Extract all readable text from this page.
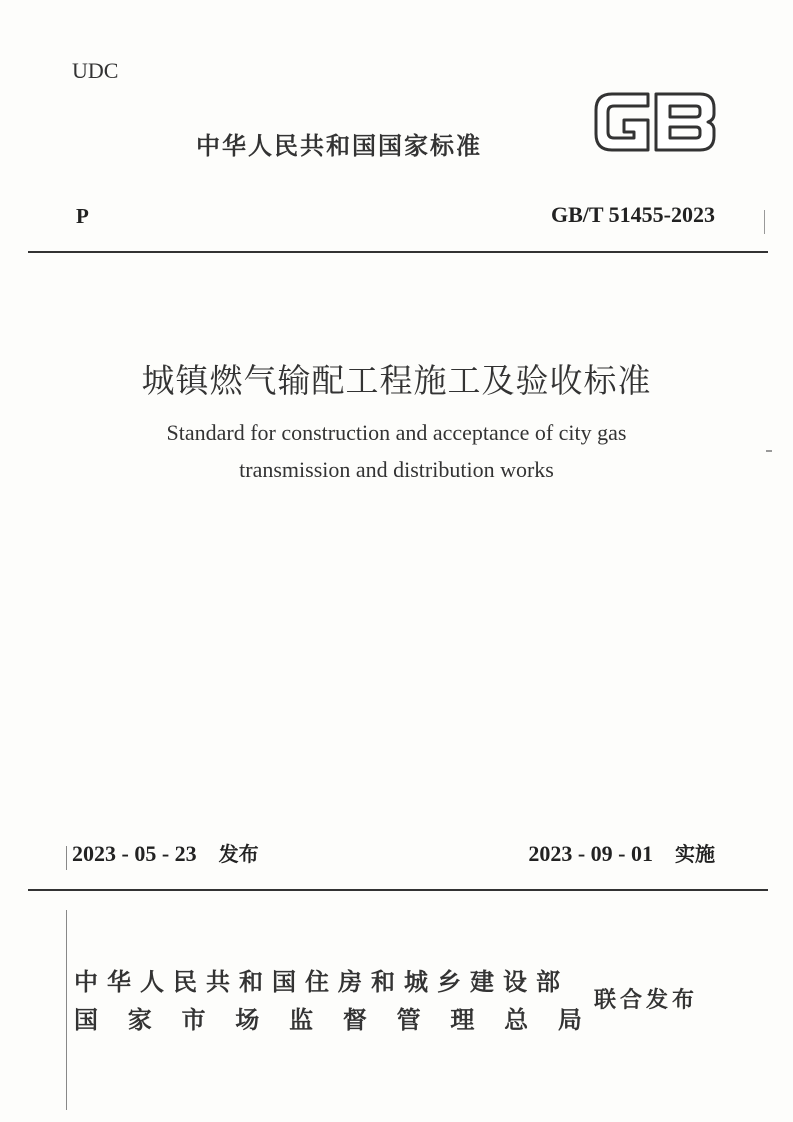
UDC
中华人民共和国国家标准
P	GB/T 51455-2023
城镇燃气输配工程施工及验收标准
Standard for construction and acceptance of city gas
transmission and distribution works
2023 - 05 - 23 发布	2023 - 09 - 01 实施
中华人民共和国住房和城乡建设部
国 家 市 场 监 督 管 理 总 局
联合发布
